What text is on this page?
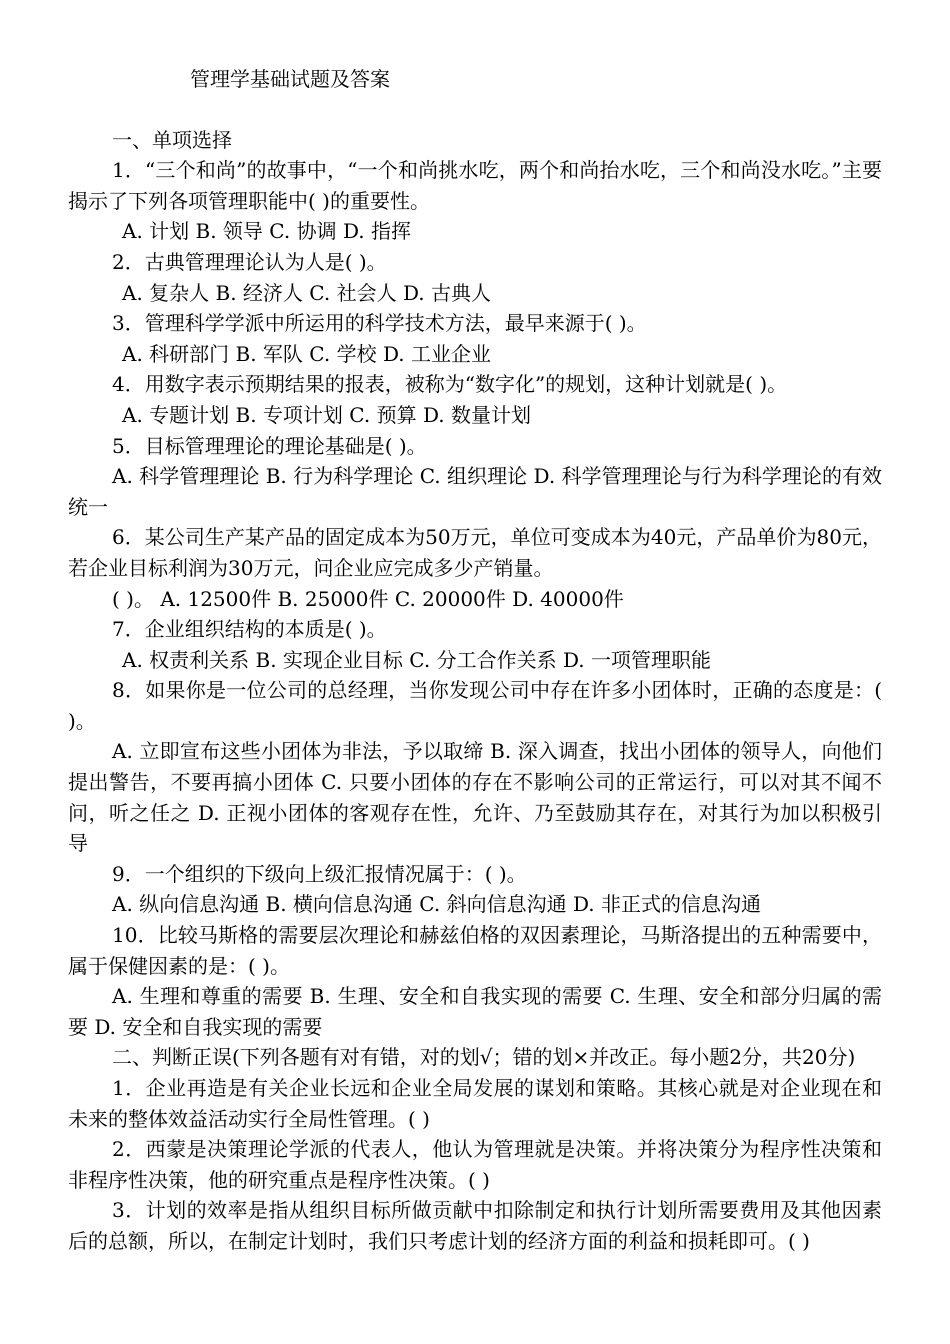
管理学基础试题及答案

一、单项选择

1．“三个和尚”的故事中，“一个和尚挑水吃，两个和尚抬水吃，三个和尚没水吃。”主要揭示了下列各项管理职能中( )的重要性。

A. 计划 B. 领导 C. 协调 D. 指挥

2．古典管理理论认为人是( )。

A. 复杂人 B. 经济人 C. 社会人 D. 古典人

3．管理科学学派中所运用的科学技术方法，最早来源于( )。

A. 科研部门 B. 军队 C. 学校 D. 工业企业

4．用数字表示预期结果的报表，被称为“数字化”的规划，这种计划就是( )。

A. 专题计划 B. 专项计划 C. 预算 D. 数量计划

5．目标管理理论的理论基础是( )。

A. 科学管理理论 B. 行为科学理论 C. 组织理论 D. 科学管理理论与行为科学理论的有效统一

6．某公司生产某产品的固定成本为50万元，单位可变成本为40元，产品单价为80元，若企业目标利润为30万元，问企业应完成多少产销量。

( )。 A. 12500件 B. 25000件 C. 20000件 D. 40000件

7．企业组织结构的本质是( )。

A. 权责利关系 B. 实现企业目标 C. 分工合作关系 D. 一项管理职能

8．如果你是一位公司的总经理，当你发现公司中存在许多小团体时，正确的态度是：( )。

A. 立即宣布这些小团体为非法，予以取缔 B. 深入调查，找出小团体的领导人，向他们提出警告，不要再搞小团体 C. 只要小团体的存在不影响公司的正常运行，可以对其不闻不问，听之任之 D. 正视小团体的客观存在性，允许、乃至鼓励其存在，对其行为加以积极引导

9．一个组织的下级向上级汇报情况属于：( )。

A. 纵向信息沟通 B. 横向信息沟通 C. 斜向信息沟通 D. 非正式的信息沟通

10．比较马斯格的需要层次理论和赫兹伯格的双因素理论，马斯洛提出的五种需要中，属于保健因素的是：( )。

A. 生理和尊重的需要 B. 生理、安全和自我实现的需要 C. 生理、安全和部分归属的需要 D. 安全和自我实现的需要

二、判断正误(下列各题有对有错，对的划√；错的划×并改正。每小题2分，共20分)

1．企业再造是有关企业长远和企业全局发展的谋划和策略。其核心就是对企业现在和未来的整体效益活动实行全局性管理。( )

2．西蒙是决策理论学派的代表人，他认为管理就是决策。并将决策分为程序性决策和非程序性决策，他的研究重点是程序性决策。( )

3．计划的效率是指从组织目标所做贡献中扣除制定和执行计划所需要费用及其他因素后的总额，所以，在制定计划时，我们只考虑计划的经济方面的利益和损耗即可。( )
